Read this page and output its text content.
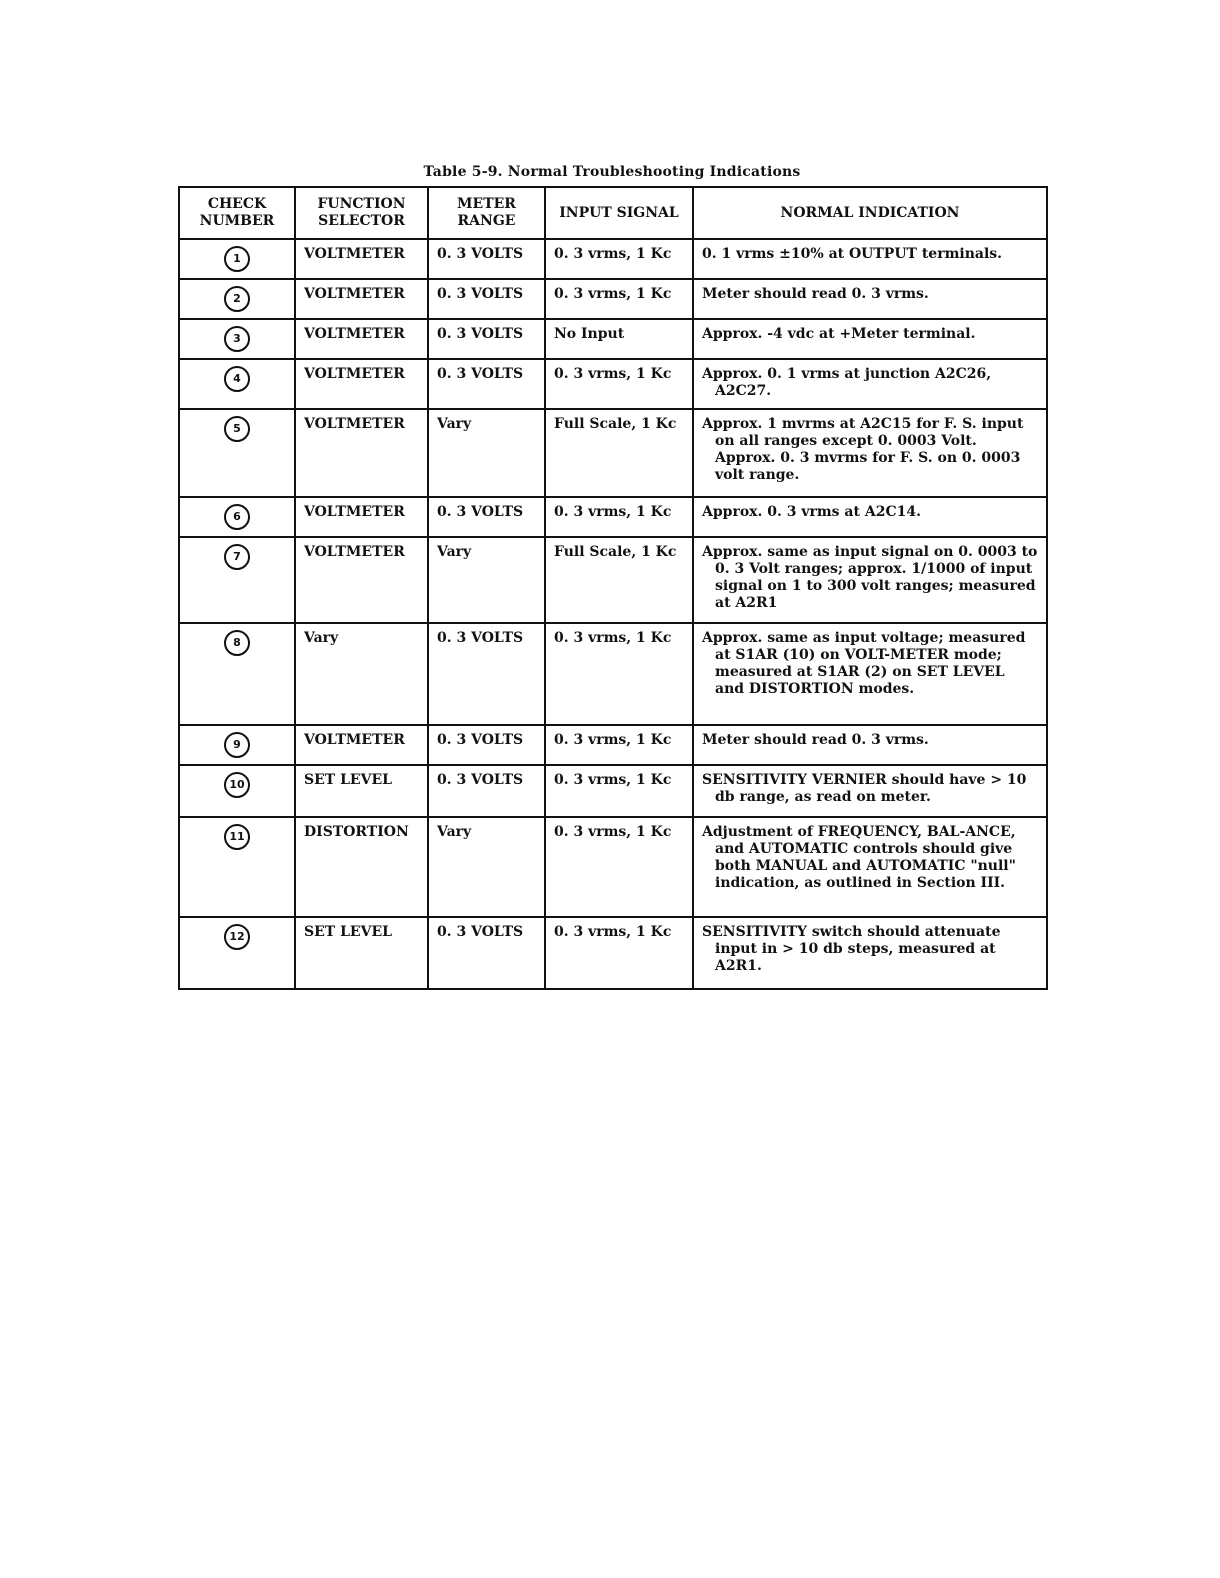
Table 5-9. Normal Troubleshooting Indications
CHECK NUMBER	FUNCTION SELECTOR	METER RANGE	INPUT SIGNAL	NORMAL INDICATION
1	VOLTMETER	0. 3 VOLTS	0. 3 vrms, 1 Kc	0. 1 vrms ±10% at OUTPUT terminals.

2	VOLTMETER	0. 3 VOLTS	0. 3 vrms, 1 Kc	Meter should read 0. 3 vrms.

3	VOLTMETER	0. 3 VOLTS	No Input	Approx. -4 vdc at +Meter terminal.

4	VOLTMETER	0. 3 VOLTS	0. 3 vrms, 1 Kc	Approx. 0. 1 vrms at junction A2C26, A2C27.

5	VOLTMETER	Vary	Full Scale, 1 Kc	Approx. 1 mvrms at A2C15 for F. S. input on all ranges except 0. 0003 Volt. Approx. 0. 3 mvrms for F. S. on 0. 0003 volt range.

6	VOLTMETER	0. 3 VOLTS	0. 3 vrms, 1 Kc	Approx. 0. 3 vrms at A2C14.

7	VOLTMETER	Vary	Full Scale, 1 Kc	Approx. same as input signal on 0. 0003 to 0. 3 Volt ranges; approx. 1/1000 of input signal on 1 to 300 volt ranges; measured at A2R1

8	Vary	0. 3 VOLTS	0. 3 vrms, 1 Kc	Approx. same as input voltage; measured at S1AR (10) on VOLT-METER mode; measured at S1AR (2) on SET LEVEL and DISTORTION modes.

9	VOLTMETER	0. 3 VOLTS	0. 3 vrms, 1 Kc	Meter should read 0. 3 vrms.

10	SET LEVEL	0. 3 VOLTS	0. 3 vrms, 1 Kc	SENSITIVITY VERNIER should have > 10 db range, as read on meter.

11	DISTORTION	Vary	0. 3 vrms, 1 Kc	Adjustment of FREQUENCY, BAL-ANCE, and AUTOMATIC controls should give both MANUAL and AUTOMATIC "null" indication, as outlined in Section III.

12	SET LEVEL	0. 3 VOLTS	0. 3 vrms, 1 Kc	SENSITIVITY switch should attenuate input in > 10 db steps, measured at A2R1.
